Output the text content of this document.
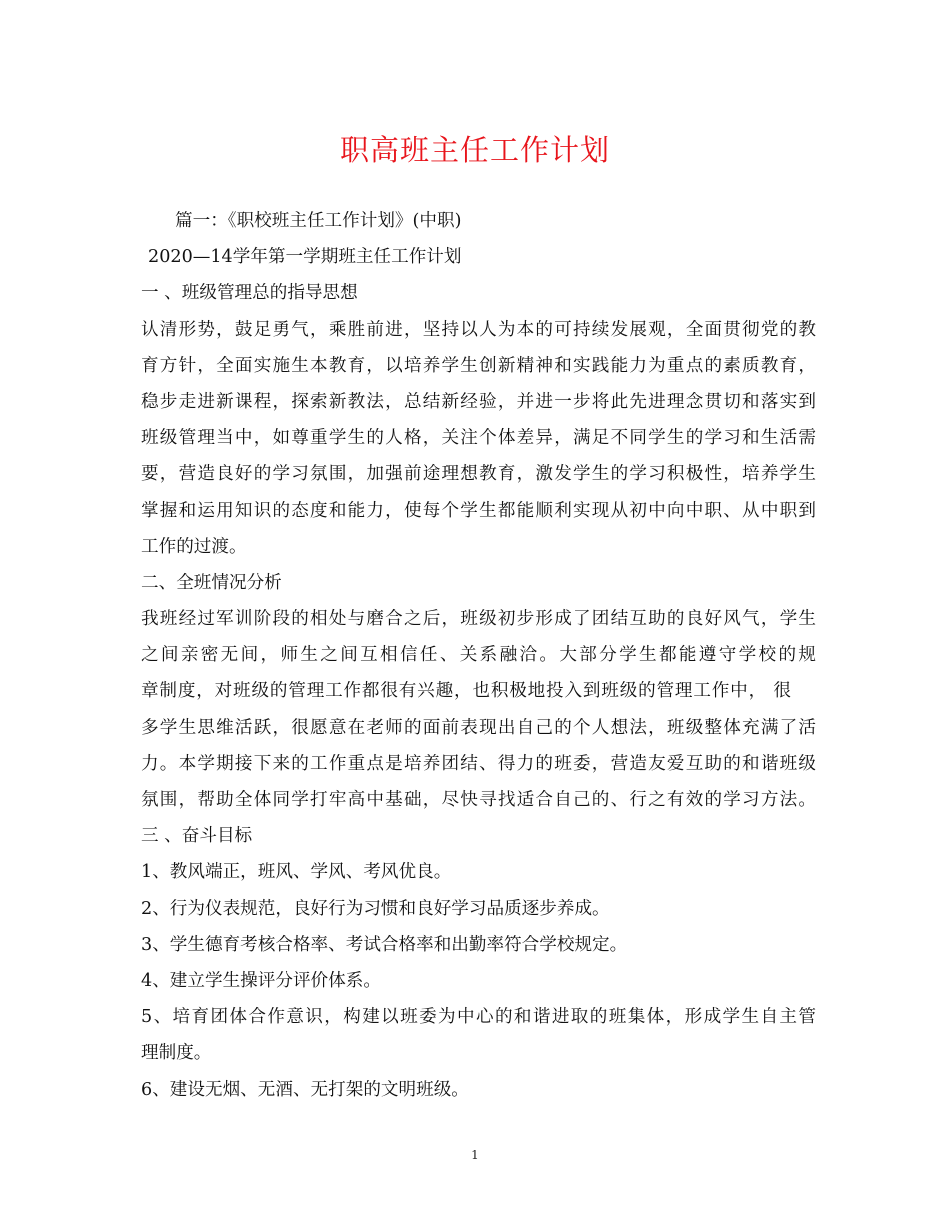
职高班主任工作计划
篇一：《职校班主任工作计划》(中职)
2020—14学年第一学期班主任工作计划
一 、班级管理总的指导思想
认清形势，鼓足勇气，乘胜前进，坚持以人为本的可持续发展观，全面贯彻党的教
育方针，全面实施生本教育，以培养学生创新精神和实践能力为重点的素质教育，
稳步走进新课程，探索新教法，总结新经验，并进一步将此先进理念贯切和落实到
班级管理当中，如尊重学生的人格，关注个体差异，满足不同学生的学习和生活需
要，营造良好的学习氛围，加强前途理想教育，激发学生的学习积极性，培养学生
掌握和运用知识的态度和能力，使每个学生都能顺利实现从初中向中职、从中职到
工作的过渡。
二、全班情况分析
我班经过军训阶段的相处与磨合之后，班级初步形成了团结互助的良好风气，学生
之间亲密无间，师生之间互相信任、关系融洽。大部分学生都能遵守学校的规
章制度，对班级的管理工作都很有兴趣，也积极地投入到班级的管理工作中， 很
多学生思维活跃，很愿意在老师的面前表现出自己的个人想法，班级整体充满了活
力。本学期接下来的工作重点是培养团结、得力的班委，营造友爱互助的和谐班级
氛围，帮助全体同学打牢高中基础，尽快寻找适合自己的、行之有效的学习方法。
三 、奋斗目标
1、教风端正，班风、学风、考风优良。
2、行为仪表规范，良好行为习惯和良好学习品质逐步养成。
3、学生德育考核合格率、考试合格率和出勤率符合学校规定。
4、建立学生操评分评价体系。
5、培育团体合作意识，构建以班委为中心的和谐进取的班集体，形成学生自主管
理制度。
6、建设无烟、无酒、无打架的文明班级。
1
